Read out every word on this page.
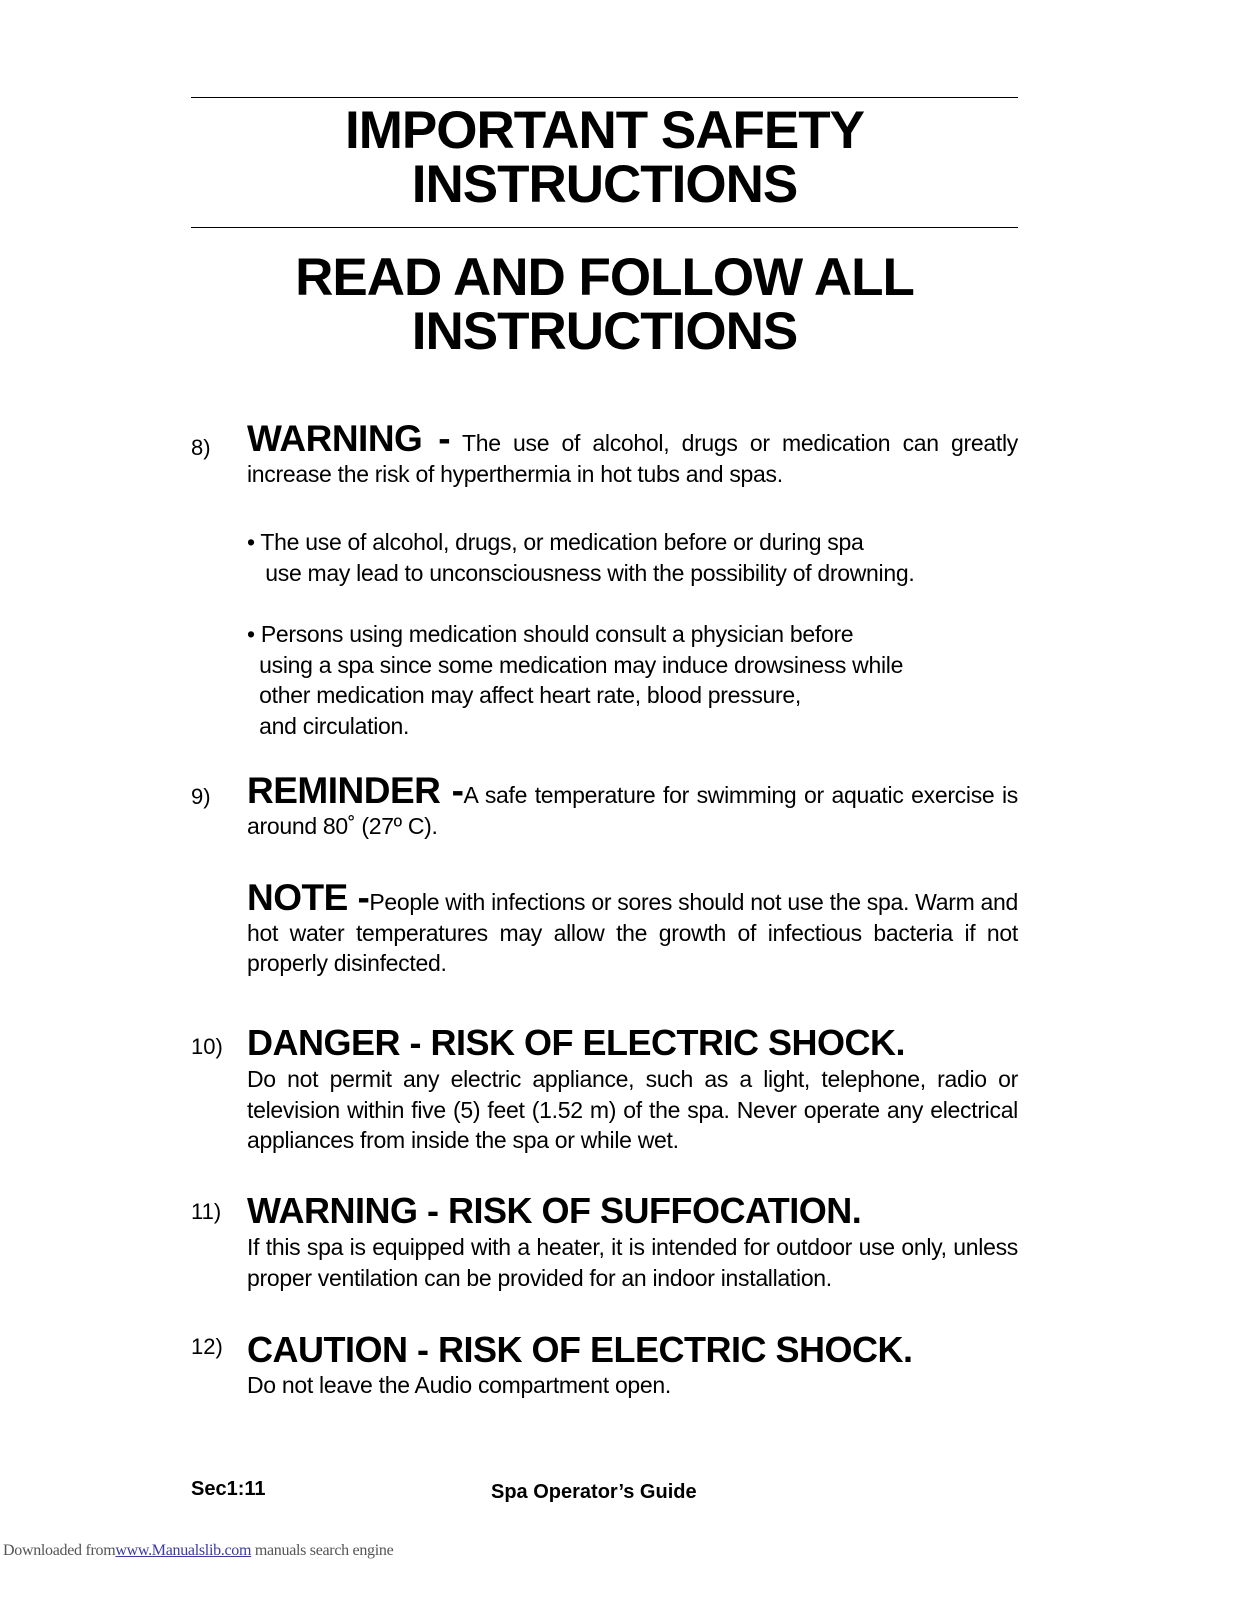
IMPORTANT SAFETY
INSTRUCTIONS
READ AND FOLLOW ALL
INSTRUCTIONS
8) WARNING - The use of alcohol, drugs or medication can greatly increase the risk of hyperthermia in hot tubs and spas.
• The use of alcohol, drugs, or medication before or during spa
use may lead to unconsciousness with the possibility of drowning.
• Persons using medication should consult a physician before
using a spa since some medication may induce drowsiness while
other medication may affect heart rate, blood pressure,
and circulation.
9) REMINDER -A safe temperature for swimming or aquatic exercise is around 80˚ (27º C).
NOTE -People with infections or sores should not use the spa. Warm and hot water temperatures may allow the growth of infectious bacteria if not properly disinfected.
10) DANGER - RISK OF ELECTRIC SHOCK.
Do not permit any electric appliance, such as a light, telephone, radio or television within five (5) feet (1.52 m) of the spa. Never operate any electrical appliances from inside the spa or while wet.
11) WARNING - RISK OF SUFFOCATION.
If this spa is equipped with a heater, it is intended for outdoor use only, unless proper ventilation can be provided for an indoor installation.
12) CAUTION - RISK OF ELECTRIC SHOCK.
Do not leave the Audio compartment open.
Sec1:11	Spa Operator’s Guide
Downloaded fromwww.Manualslib.com manuals search engine
